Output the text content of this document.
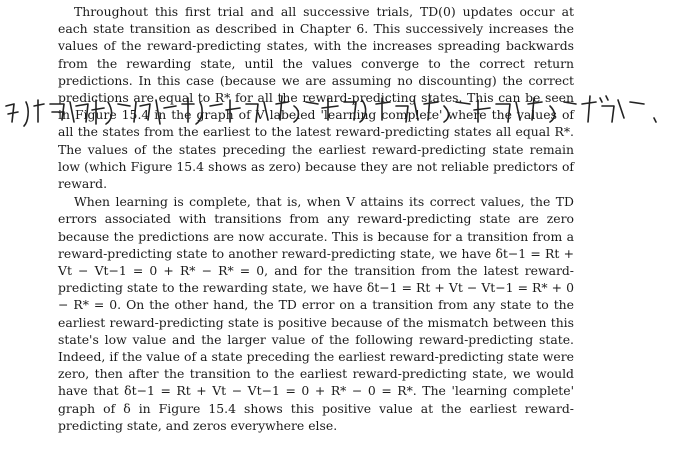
Throughout this first trial and all successive trials, TD(0) updates occur at each state transition as described in Chapter 6. This successively increases the values of the reward-predicting states, with the increases spreading backwards from the rewarding state, until the values converge to the correct return predictions. In this case (because we are assuming no discounting) the correct predictions are equal to R* for all the reward-predicting states. This can be seen in Figure 15.4 in the graph of V labeled 'learning complete' where the values of all the states from the earliest to the latest reward-predicting states all equal R*. The values of the states preceding the earliest reward-predicting state remain low (which Figure 15.4 shows as zero) because they are not reliable predictors of reward.

When learning is complete, that is, when V attains its correct values, the TD errors associated with transitions from any reward-predicting state are zero because the predictions are now accurate. This is because for a transition from a reward-predicting state to another reward-predicting state, we have δt−1 = Rt + Vt − Vt−1 = 0 + R* − R* = 0, and for the transition from the latest reward-predicting state to the rewarding state, we have δt−1 = Rt + Vt − Vt−1 = R* + 0 − R* = 0. On the other hand, the TD error on a transition from any state to the earliest reward-predicting state is positive because of the mismatch between this state's low value and the larger value of the following reward-predicting state. Indeed, if the value of a state preceding the earliest reward-predicting state were zero, then after the transition to the earliest reward-predicting state, we would have that δt−1 = Rt + Vt − Vt−1 = 0 + R* − 0 = R*. The 'learning complete' graph of δ in Figure 15.4 shows this positive value at the earliest reward-predicting state, and zeros everywhere else.
